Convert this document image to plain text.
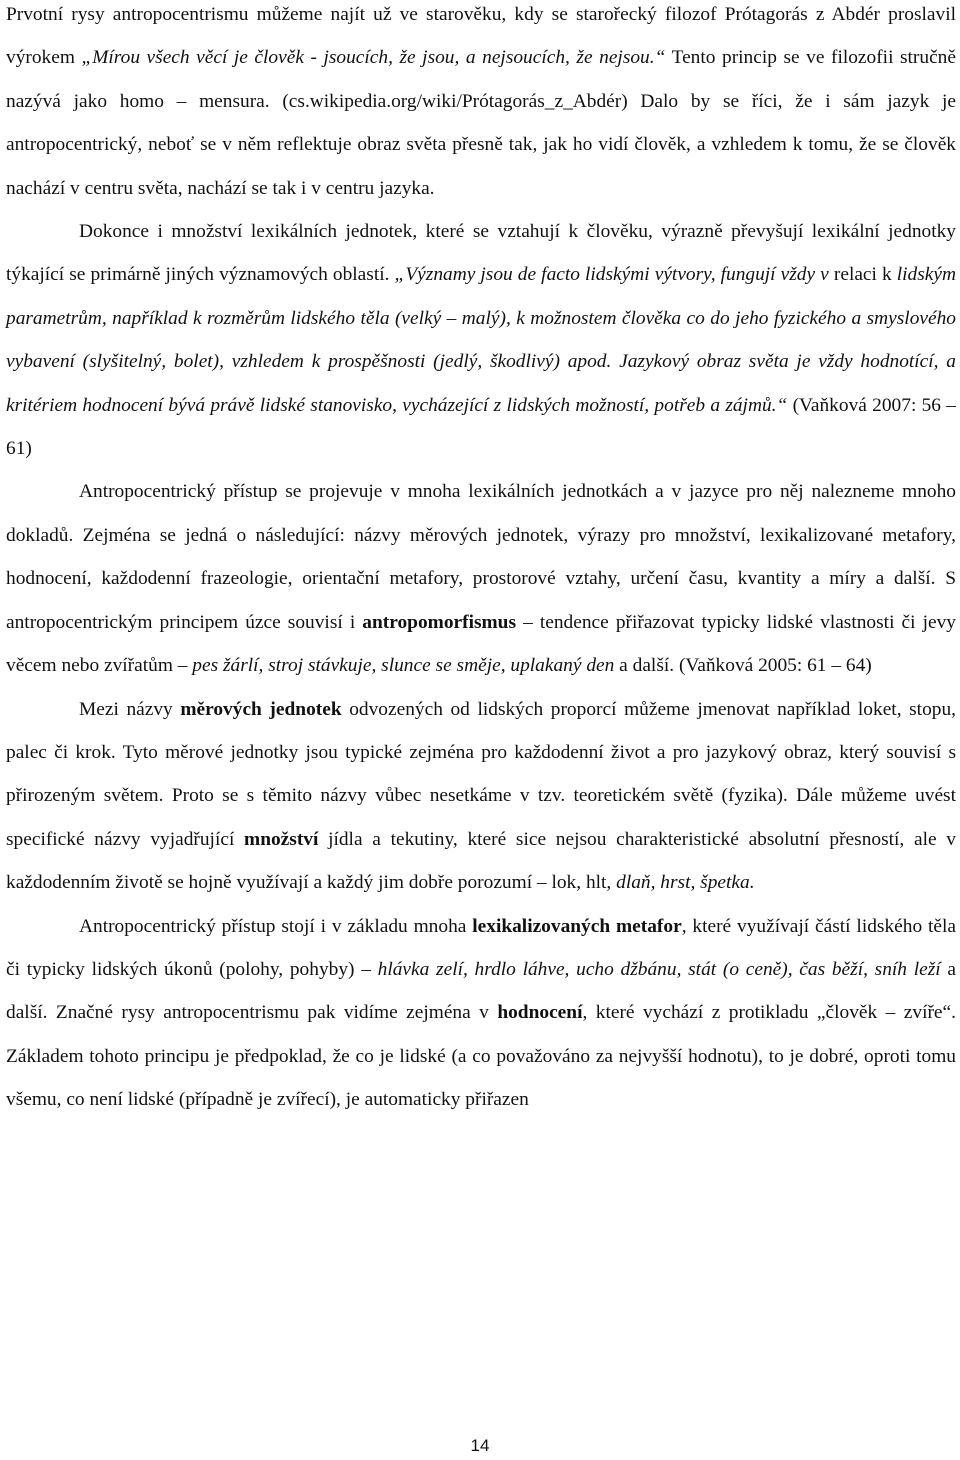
Prvotní rysy antropocentrismu můžeme najít už ve starověku, kdy se starořecký filozof Prótagorás z Abdér proslavil výrokem „Mírou všech věcí je člověk - jsoucích, že jsou, a nejsoucích, že nejsou.“ Tento princip se ve filozofii stručně nazývá jako homo – mensura. (cs.wikipedia.org/wiki/Prótagorás_z_Abdér) Dalo by se říci, že i sám jazyk je antropocentrický, neboť se v něm reflektuje obraz světa přesně tak, jak ho vidí člověk, a vzhledem k tomu, že se člověk nachází v centru světa, nachází se tak i v centru jazyka.

Dokonce i množství lexikálních jednotek, které se vztahují k člověku, výrazně převyšují lexikální jednotky týkající se primárně jiných významových oblastí. „Významy jsou de facto lidskými výtvory, fungují vždy v relaci k lidským parametrům, například k rozměrům lidského těla (velký – malý), k možnostem člověka co do jeho fyzického a smyslového vybavení (slyšitelný, bolet), vzhledem k prospěšnosti (jedlý, škodlivý) apod. Jazykový obraz světa je vždy hodnotící, a kritériem hodnocení bývá právě lidské stanovisko, vycházející z lidských možností, potřeb a zájmů.“ (Vaňková 2007: 56 – 61)

Antropocentrický přístup se projevuje v mnoha lexikálních jednotkách a v jazyce pro něj nalezneme mnoho dokladů. Zejména se jedná o následující: názvy měrových jednotek, výrazy pro množství, lexikalizované metafory, hodnocení, každodenní frazeologie, orientační metafory, prostorové vztahy, určení času, kvantity a míry a další. S antropocentrickým principem úzce souvisí i antropomorfismus – tendence přiřazovat typicky lidské vlastnosti či jevy věcem nebo zvířatům – pes žárlí, stroj stávkuje, slunce se směje, uplakaný den a další. (Vaňková 2005: 61 – 64)

Mezi názvy měrových jednotek odvozených od lidských proporcí můžeme jmenovat například loket, stopu, palec či krok. Tyto měrové jednotky jsou typické zejména pro každodenní život a pro jazykový obraz, který souvisí s přirozeným světem. Proto se s těmito názvy vůbec nesetkáme v tzv. teoretickém světě (fyzika). Dále můžeme uvést specifické názvy vyjadřující množství jídla a tekutiny, které sice nejsou charakteristické absolutní přesností, ale v každodenním životě se hojně využívají a každý jim dobře porozumí – lok, hlt, dlaň, hrst, špetka.

Antropocentrický přístup stojí i v základu mnoha lexikalizovaných metafor, které využívají částí lidského těla či typicky lidských úkonů (polohy, pohyby) – hlávka zelí, hrdlo láhve, ucho džbánu, stát (o ceně), čas běží, sníh leží a další. Značné rysy antropocentrismu pak vidíme zejména v hodnocení, které vychází z protikladu „člověk – zvíře“. Základem tohoto principu je předpoklad, že co je lidské (a co považováno za nejvyšší hodnotu), to je dobré, oproti tomu všemu, co není lidské (případně je zvířecí), je automaticky přiřazen

14
